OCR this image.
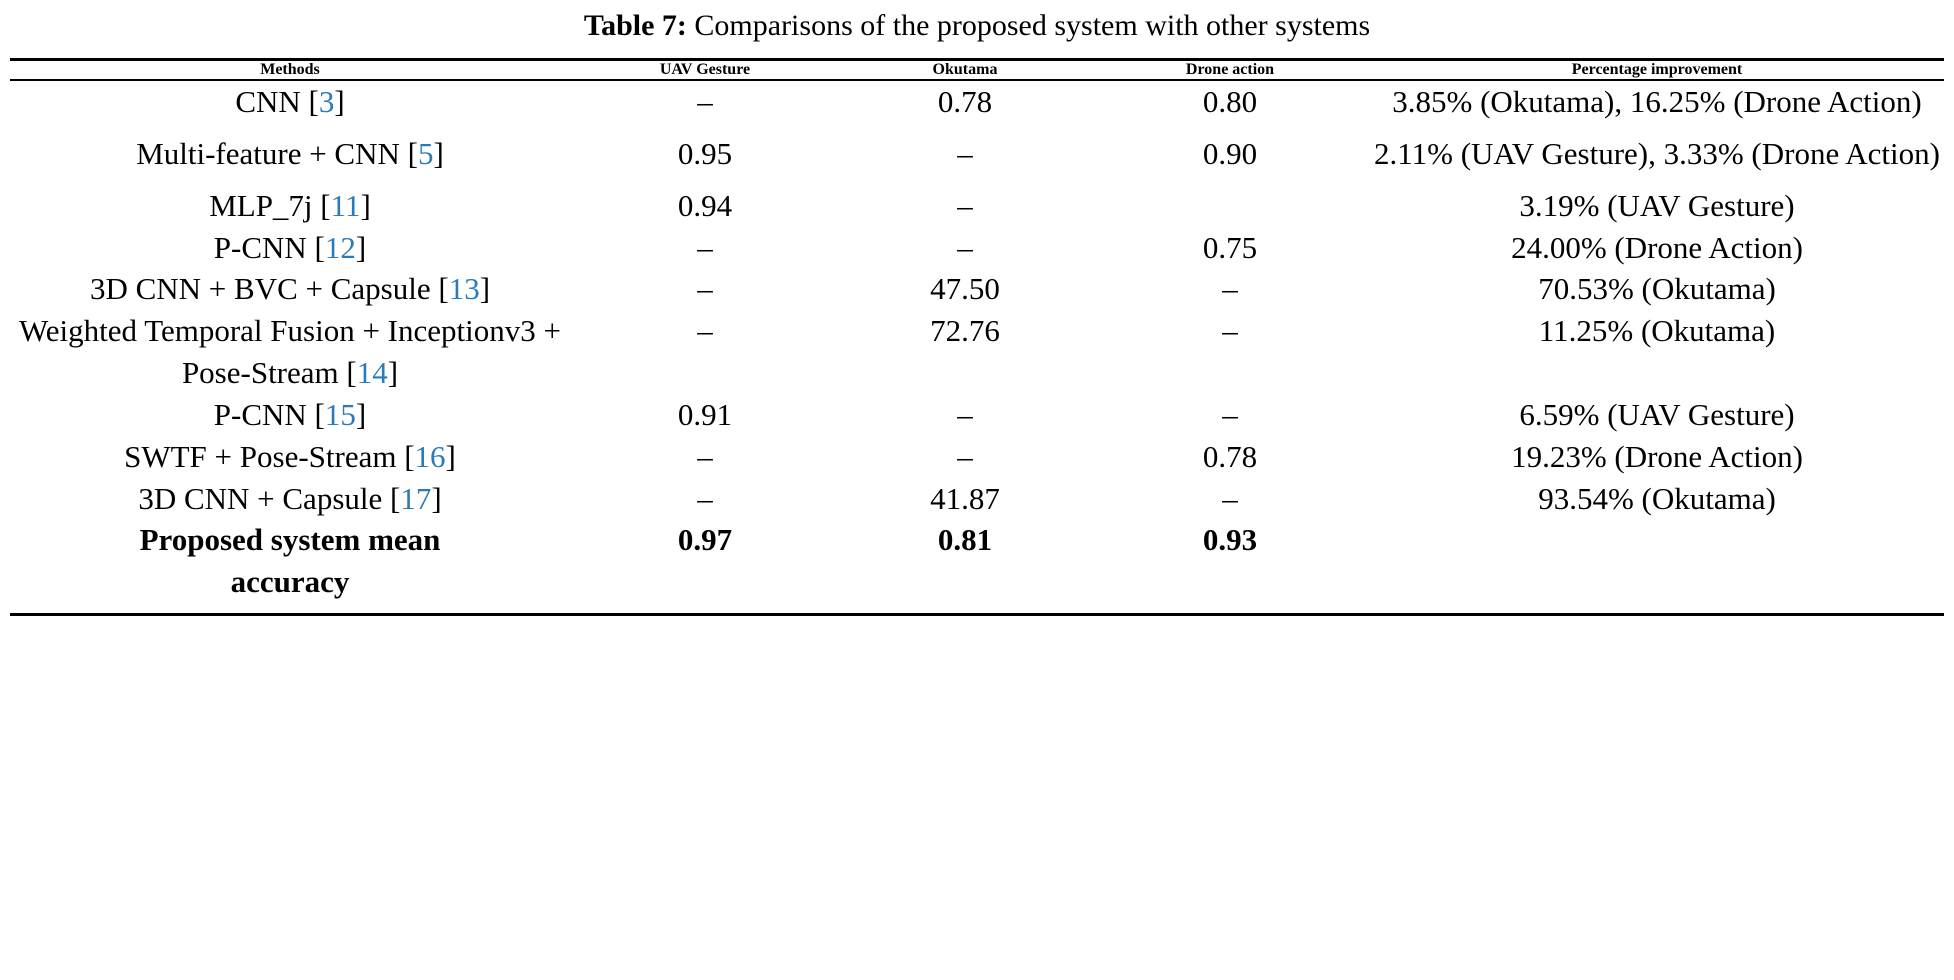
Table 7: Comparisons of the proposed system with other systems

Methods	UAV Gesture	Okutama	Drone action	Percentage improvement

CNN [3]	–	0.78	0.80	3.85% (Okutama), 16.25% (Drone Action)

Multi-feature + CNN [5]	0.95	–	0.90	2.11% (UAV Gesture), 3.33% (Drone Action)

MLP_7j [11]	0.94	–		3.19% (UAV Gesture)
P-CNN [12]	–	–	0.75	24.00% (Drone Action)
3D CNN + BVC + Capsule [13]	–	47.50	–	70.53% (Okutama)
Weighted Temporal Fusion + Inceptionv3 + Pose-Stream [14]	–	72.76	–	11.25% (Okutama)
P-CNN [15]	0.91	–	–	6.59% (UAV Gesture)
SWTF + Pose-Stream [16]	–	–	0.78	19.23% (Drone Action)
3D CNN + Capsule [17]	–	41.87	–	93.54% (Okutama)
Proposed system mean accuracy	0.97	0.81	0.93	
